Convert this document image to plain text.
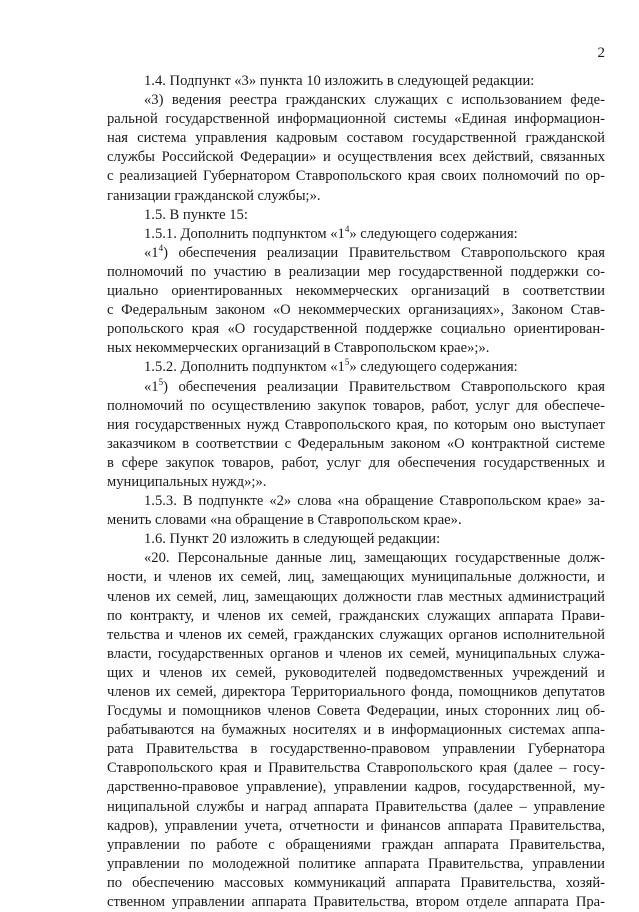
2
1.4. Подпункт «3» пункта 10 изложить в следующей редакции:
«3) ведения реестра гражданских служащих с использованием феде-
ральной государственной информационной системы «Единая информацион-
ная система управления кадровым составом государственной гражданской
службы Российской Федерации» и осуществления всех действий, связанных
с реализацией Губернатором Ставропольского края своих полномочий по ор-
ганизации гражданской службы;».
1.5. В пункте 15:
1.5.1. Дополнить подпунктом «$1^4$» следующего содержания:
«$1^4$) обеспечения реализации Правительством Ставропольского края
полномочий по участию в реализации мер государственной поддержки со-
циально ориентированных некоммерческих организаций в соответствии
с Федеральным законом «О некоммерческих организациях», Законом Став-
ропольского края «О государственной поддержке социально ориентирован-
ных некоммерческих организаций в Ставропольском крае»;».
1.5.2. Дополнить подпунктом «$1^5$» следующего содержания:
«$1^5$) обеспечения реализации Правительством Ставропольского края
полномочий по осуществлению закупок товаров, работ, услуг для обеспече-
ния государственных нужд Ставропольского края, по которым оно выступает
заказчиком в соответствии с Федеральным законом «О контрактной системе
в сфере закупок товаров, работ, услуг для обеспечения государственных и
муниципальных нужд»;».
1.5.3. В подпункте «2» слова «на обращение Ставропольском крае» за-
менить словами «на обращение в Ставропольском крае».
1.6. Пункт 20 изложить в следующей редакции:
«20. Персональные данные лиц, замещающих государственные долж-
ности, и членов их семей, лиц, замещающих муниципальные должности, и
членов их семей, лиц, замещающих должности глав местных администраций
по контракту, и членов их семей, гражданских служащих аппарата Прави-
тельства и членов их семей, гражданских служащих органов исполнительной
власти, государственных органов и членов их семей, муниципальных служа-
щих и членов их семей, руководителей подведомственных учреждений и
членов их семей, директора Территориального фонда, помощников депутатов
Госдумы и помощников членов Совета Федерации, иных сторонних лиц об-
рабатываются на бумажных носителях и в информационных системах аппа-
рата Правительства в государственно-правовом управлении Губернатора
Ставропольского края и Правительства Ставропольского края (далее – госу-
дарственно-правовое управление), управлении кадров, государственной, му-
ниципальной службы и наград аппарата Правительства (далее – управление
кадров), управлении учета, отчетности и финансов аппарата Правительства,
управлении по работе с обращениями граждан аппарата Правительства,
управлении по молодежной политике аппарата Правительства, управлении
по обеспечению массовых коммуникаций аппарата Правительства, хозяй-
ственном управлении аппарата Правительства, втором отделе аппарата Пра-
